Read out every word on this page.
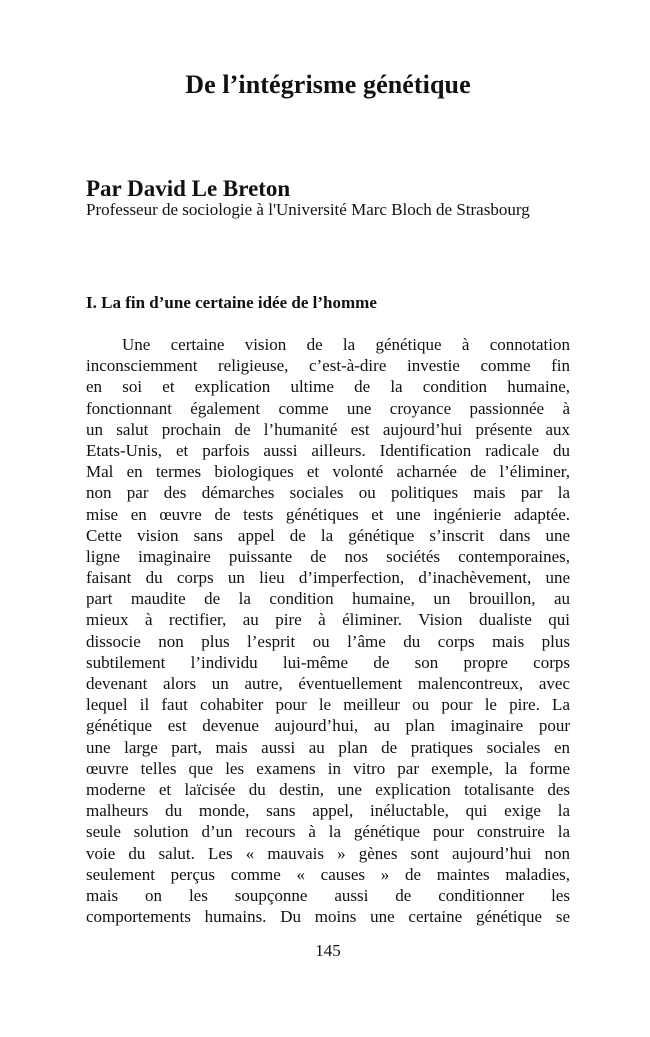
De l’intégrisme génétique
Par David Le Breton

Professeur de sociologie à l'Université Marc Bloch de Strasbourg

I. La fin d’une certaine idée de l’homme
Une certaine vision de la génétique à connotation
inconsciemment religieuse, c’est-à-dire investie comme fin
en soi et explication ultime de la condition humaine,
fonctionnant également comme une croyance passionnée à
un salut prochain de l’humanité est aujourd’hui présente aux
Etats-Unis, et parfois aussi ailleurs. Identification radicale du
Mal en termes biologiques et volonté acharnée de l’éliminer,
non par des démarches sociales ou politiques mais par la
mise en œuvre de tests génétiques et une ingénierie adaptée.
Cette vision sans appel de la génétique s’inscrit dans une
ligne imaginaire puissante de nos sociétés contemporaines,
faisant du corps un lieu d’imperfection, d’inachèvement, une
part maudite de la condition humaine, un brouillon, au
mieux à rectifier, au pire à éliminer. Vision dualiste qui
dissocie non plus l’esprit ou l’âme du corps mais plus
subtilement l’individu lui-même de son propre corps
devenant alors un autre, éventuellement malencontreux, avec
lequel il faut cohabiter pour le meilleur ou pour le pire. La
génétique est devenue aujourd’hui, au plan imaginaire pour
une large part, mais aussi au plan de pratiques sociales en
œuvre telles que les examens in vitro par exemple, la forme
moderne et laïcisée du destin, une explication totalisante des
malheurs du monde, sans appel, inéluctable, qui exige la
seule solution d’un recours à la génétique pour construire la
voie du salut. Les « mauvais » gènes sont aujourd’hui non
seulement perçus comme « causes » de maintes maladies,
mais on les soupçonne aussi de conditionner les
comportements humains. Du moins une certaine génétique se
145
